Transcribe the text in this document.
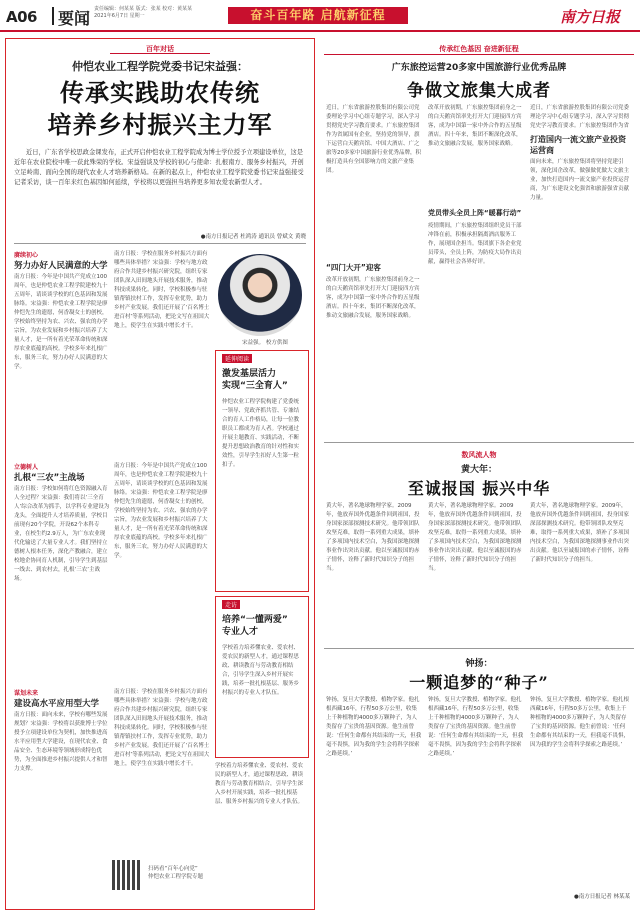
A06 要闻 责任编辑：何某某 版式：张某 校对：黄某某 2021年6月7日 星期一	奋斗百年路 启航新征程	南方日报
百年对话
仲恺农业工程学院党委书记宋益强：
传承实践助农传统
培养乡村振兴主力军

近日，广东省学校思政金课发布，正式开启仲恺农业工程学院成为博士学位授予立项建设单位，这是近年在农业院校中唯一获此殊荣的学校。宋益强谈及学校的初心与使命：扎根南方、服务乡村振兴，开创立足岭南、面向全国的现代农业人才培养新格局。在新的起点上，仲恺农业工程学院党委书记宋益强接受记者采访，谈一百年来红色基因如何延续，学校将以更强担当培养更多知农爱农新型人才。

●南方日报记者 杜鸿涛 通讯员 曾斌文 黄晓
赓续初心
努力办好人民满意的大学
南方日报：今年是中国共产党成立100周年，也是仲恺农业工程学院建校九十五周年，请谈谈学校的红色基因和发展脉络。宋益强：仲恺农业工程学院是廖仲恺先生的遗愿，何香凝女士的创校，学校始终坚持为农、兴农、强农的办学宗旨，为农业发展和乡村振兴培养了大量人才，是一所有着光荣革命传统和深厚农业底蕴的高校。学校多年来扎根广东，服务三农，努力办好人民满意的大学。
南方日报：学校在服务乡村振兴方面有哪些具体举措？宋益强：学校与地方政府合作共建乡村振兴研究院，组织专家团队深入田间地头开展技术服务，推动科技成果转化。同时，学校积极参与驻镇帮镇扶村工作，发挥专业优势，助力乡村产业发展。我们还开展了‘百名博士进百村’等系列活动，把论文写在祖国大地上，使学生在实践中增长才干。
宋益强。 校方供图
延伸阅读
激发基层活力
实现“三全育人”
仲恺农业工程学院构建了党委统一领导、党政齐抓共管、专兼结合的育人工作格局，让每一位教职员工都成为育人者。学校通过开展主题教育、实践活动，不断提升思想政治教育的针对性和实效性，引导学生扣好人生第一粒扣子。
立德树人
扎根“三农”主战场
南方日报：学校如何将红色资源融入育人全过程？宋益强：我们将以‘三全育人’综合改革为抓手，以学科专业建设为龙头，全面提升人才培养质量，学校目前现有20个学院，开设62个本科专业，在校生约2.9万人，为广东农业现代化输送了大量专业人才。我们坚持立德树人根本任务，深化产教融合，建立校地企协同育人机制，引导学生到基层一线去、到农村去，扎根‘三农’主战场。
南方日报：今年是中国共产党成立100周年，也是仲恺农业工程学院建校九十五周年，请谈谈学校的红色基因和发展脉络。宋益强：仲恺农业工程学院是廖仲恺先生的遗愿，何香凝女士的创校，学校始终坚持为农、兴农、强农的办学宗旨，为农业发展和乡村振兴培养了大量人才，是一所有着光荣革命传统和深厚农业底蕴的高校。学校多年来扎根广东，服务三农，努力办好人民满意的大学。
走访
培养“一懂两爱”
专业人才
学校着力培养懂农业、爱农村、爱农民的新型人才，通过课程思政、耕读教育与劳动教育相结合，引导学生深入乡村开展实践，培养一批扎根基层、服务乡村振兴的专业人才队伍。
谋划未来
建设高水平应用型大学
南方日报：面向未来，学校有哪些发展规划？宋益强：学校将以获批博士学位授予立项建设单位为契机，加快推进高水平应用型大学建设，在现代农业、食品安全、生态环境等领域形成特色优势，为全面推进乡村振兴提供人才和智力支撑。
南方日报：学校在服务乡村振兴方面有哪些具体举措？宋益强：学校与地方政府合作共建乡村振兴研究院，组织专家团队深入田间地头开展技术服务，推动科技成果转化。同时，学校积极参与驻镇帮镇扶村工作，发挥专业优势，助力乡村产业发展。我们还开展了‘百名博士进百村’等系列活动，把论文写在祖国大地上，使学生在实践中增长才干。	学校着力培养懂农业、爱农村、爱农民的新型人才，通过课程思政、耕读教育与劳动教育相结合，引导学生深入乡村开展实践，培养一批扎根基层、服务乡村振兴的专业人才队伍。
扫码看“百年心向党”
仲恺农业工程学院专题
传承红色基因 奋进新征程
广东旅控运营20多家中国旅游行业优秀品牌
争做文旅集大成者
近日，广东省旅游控股集团有限公司党委理论学习中心组专题学习，深入学习贯彻党史学习教育要求。广东旅控集团作为省属国有企业，坚持党的领导，旗下运营白天鹅宾馆、中国大酒店、广之旅等20多家中国旅游行业优秀品牌，积极打造具有全国影响力的文旅产业集团。
“四门大开”迎客
改革开放初期，广东旅控集团前身之一的白天鹅宾馆率先打开大门迎接四方宾客，成为中国第一家中外合作的五星级酒店。四十年来，集团不断深化改革，推动文旅融合发展，服务国家战略。
改革开放初期，广东旅控集团前身之一的白天鹅宾馆率先打开大门迎接四方宾客，成为中国第一家中外合作的五星级酒店。四十年来，集团不断深化改革，推动文旅融合发展，服务国家战略。
党员带头全员上阵“暖暮行动”
疫情期间，广东旅控集团组织党员干部冲锋在前，积极承担隔离酒店服务工作，展现国企担当。集团旗下各企业党员带头，全员上阵，为防疫大局作出贡献，赢得社会各界好评。
近日，广东省旅游控股集团有限公司党委理论学习中心组专题学习，深入学习贯彻党史学习教育要求。广东旅控集团作为省
打造国内一流文旅产业投资运营商
面向未来，广东旅控集团将坚持党建引领，深化国企改革，做强做优做大文旅主业，加快打造国内一流文旅产业投资运营商，为广东建设文化强省和旅游强省贡献力量。
数风流人物
黄大年：
至诚报国 振兴中华
黄大年，著名地球物理学家。2009年，他放弃国外优越条件回到祖国，投身国家深部探测技术研究。他带领团队攻坚克难，取得一系列重大成果，填补了多项国内技术空白，为我国深地探测事业作出突出贡献。他以至诚报国的赤子情怀，诠释了新时代知识分子的担当。
黄大年，著名地球物理学家。2009年，他放弃国外优越条件回到祖国，投身国家深部探测技术研究。他带领团队攻坚克难，取得一系列重大成果，填补了多项国内技术空白，为我国深地探测事业作出突出贡献。他以至诚报国的赤子情怀，诠释了新时代知识分子的担当。
黄大年，著名地球物理学家。2009年，他放弃国外优越条件回到祖国，投身国家深部探测技术研究。他带领团队攻坚克难，取得一系列重大成果，填补了多项国内技术空白，为我国深地探测事业作出突出贡献。他以至诚报国的赤子情怀，诠释了新时代知识分子的担当。
钟扬：
一颗追梦的“种子”
钟扬，复旦大学教授、植物学家。他扎根西藏16年，行程50多万公里，收集上千种植物的4000多万颗种子，为人类留存了宝贵的基因资源。他生前曾说：‘任何生命都有其结束的一天，但我毫不畏惧，因为我的学生会将科学探索之路延续。’
钟扬，复旦大学教授、植物学家。他扎根西藏16年，行程50多万公里，收集上千种植物的4000多万颗种子，为人类留存了宝贵的基因资源。他生前曾说：‘任何生命都有其结束的一天，但我毫不畏惧，因为我的学生会将科学探索之路延续。’
钟扬，复旦大学教授、植物学家。他扎根西藏16年，行程50多万公里，收集上千种植物的4000多万颗种子，为人类留存了宝贵的基因资源。他生前曾说：‘任何生命都有其结束的一天，但我毫不畏惧，因为我的学生会将科学探索之路延续。’
●南方日报记者 林某某
